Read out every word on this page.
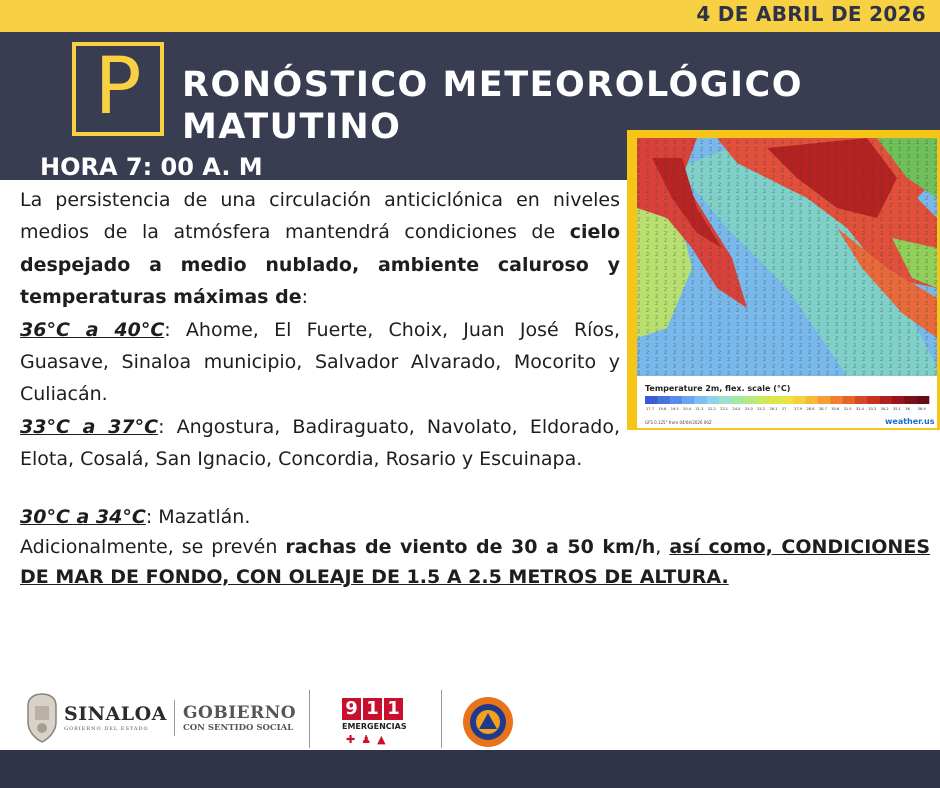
4 DE ABRIL DE 2026
P	RONÓSTICO METEOROLÓGICO
MATUTINO
HORA 7: 00 A. M
Temperature 2m, flex. scale (°C)
17.7 19.6 19.5 20.4 21.3 22.2 23.1 24.0 25.0 25.2 26.1 27 27.9 28.8 28.7 30.6 31.5 32.4 33.3 34.2 35.1 36 36.9
GFS 0.125° from 04/04/2026 06Z	weather.us
La persistencia de una circulación anticiclónica en niveles medios de la atmósfera mantendrá condiciones de cielo despejado a medio nublado, ambiente caluroso y temperaturas máximas de:
36°C a 40°C: Ahome, El Fuerte, Choix, Juan José Ríos, Guasave, Sinaloa municipio, Salvador Alvarado, Mocorito y Culiacán.
33°C a 37°C: Angostura, Badiraguato, Navolato, Eldorado, Elota, Cosalá, San Ignacio, Concordia, Rosario y Escuinapa.
30°C a 34°C: Mazatlán.
Adicionalmente, se prevén rachas de viento de 30 a 50 km/h, así como, CONDICIONES DE MAR DE FONDO, CON OLEAJE DE 1.5 A 2.5 METROS DE ALTURA.
SINALOA
GOBIERNO DEL ESTADO
GOBIERNO
CON SENTIDO SOCIAL
9 1 1
EMERGENCIAS
✚♟▲
